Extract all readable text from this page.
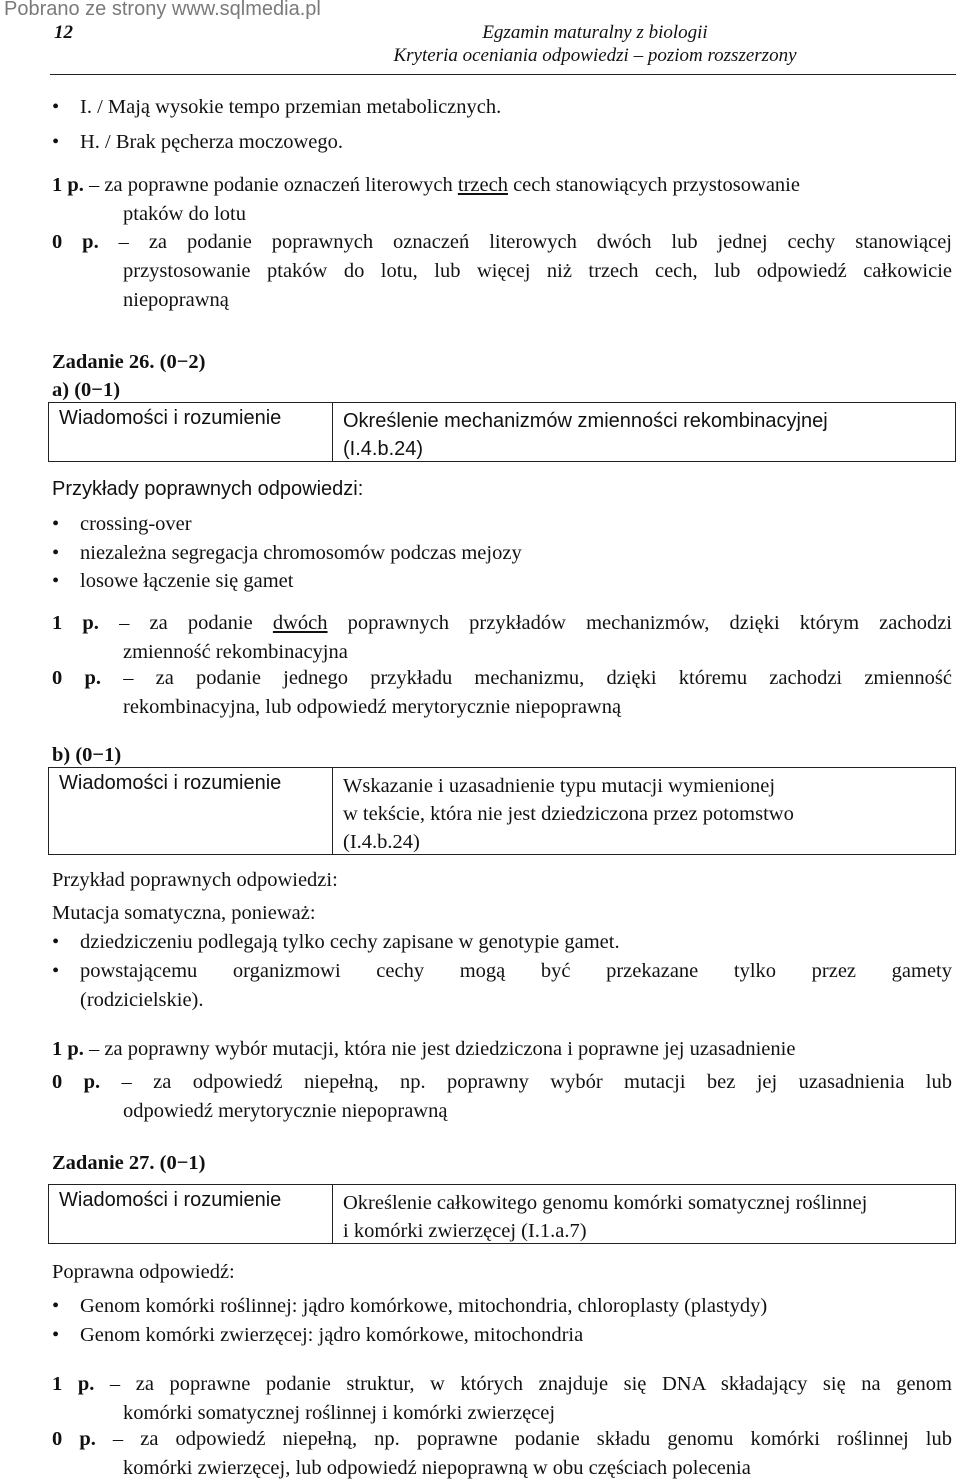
Pobrano ze strony www.sqlmedia.pl
12	Egzamin maturalny z biologii
Kryteria oceniania odpowiedzi – poziom rozszerzony
•	I. / Mają wysokie tempo przemian metabolicznych.
•	H. / Brak pęcherza moczowego.
1 p. – za poprawne podanie oznaczeń literowych trzech cech stanowiących przystosowanie
ptaków do lotu
0 p. – za podanie poprawnych oznaczeń literowych dwóch lub jednej cechy stanowiącej
przystosowanie ptaków do lotu, lub więcej niż trzech cech, lub odpowiedź całkowicie
niepoprawną
Zadanie 26. (0−2)
a) (0−1)
Wiadomości i rozumienie	Określenie mechanizmów zmienności rekombinacyjnej
(I.4.b.24)
Przykłady poprawnych odpowiedzi:
•	crossing-over
•	niezależna segregacja chromosomów podczas mejozy
•	losowe łączenie się gamet
1 p. – za podanie dwóch poprawnych przykładów mechanizmów, dzięki którym zachodzi
zmienność rekombinacyjna
0 p. – za podanie jednego przykładu mechanizmu, dzięki któremu zachodzi zmienność
rekombinacyjna, lub odpowiedź merytorycznie niepoprawną
b) (0−1)
Wiadomości i rozumienie	Wskazanie i uzasadnienie typu mutacji wymienionej
w tekście, która nie jest dziedziczona przez potomstwo
(I.4.b.24)
Przykład poprawnych odpowiedzi:
Mutacja somatyczna, ponieważ:
•	dziedziczeniu podlegają tylko cechy zapisane w genotypie gamet.
•	powstającemu organizmowi cechy mogą być przekazane tylko przez gamety
(rodzicielskie).
1 p. – za poprawny wybór mutacji, która nie jest dziedziczona i poprawne jej uzasadnienie
0 p. – za odpowiedź niepełną, np. poprawny wybór mutacji bez jej uzasadnienia lub
odpowiedź merytorycznie niepoprawną
Zadanie 27. (0−1)
Wiadomości i rozumienie	Określenie całkowitego genomu komórki somatycznej roślinnej
i komórki zwierzęcej (I.1.a.7)
Poprawna odpowiedź:
•	Genom komórki roślinnej: jądro komórkowe, mitochondria, chloroplasty (plastydy)
•	Genom komórki zwierzęcej: jądro komórkowe, mitochondria
1 p. – za poprawne podanie struktur, w których znajduje się DNA składający się na genom
komórki somatycznej roślinnej i komórki zwierzęcej
0 p. – za odpowiedź niepełną, np. poprawne podanie składu genomu komórki roślinnej lub
komórki zwierzęcej, lub odpowiedź niepoprawną w obu częściach polecenia
